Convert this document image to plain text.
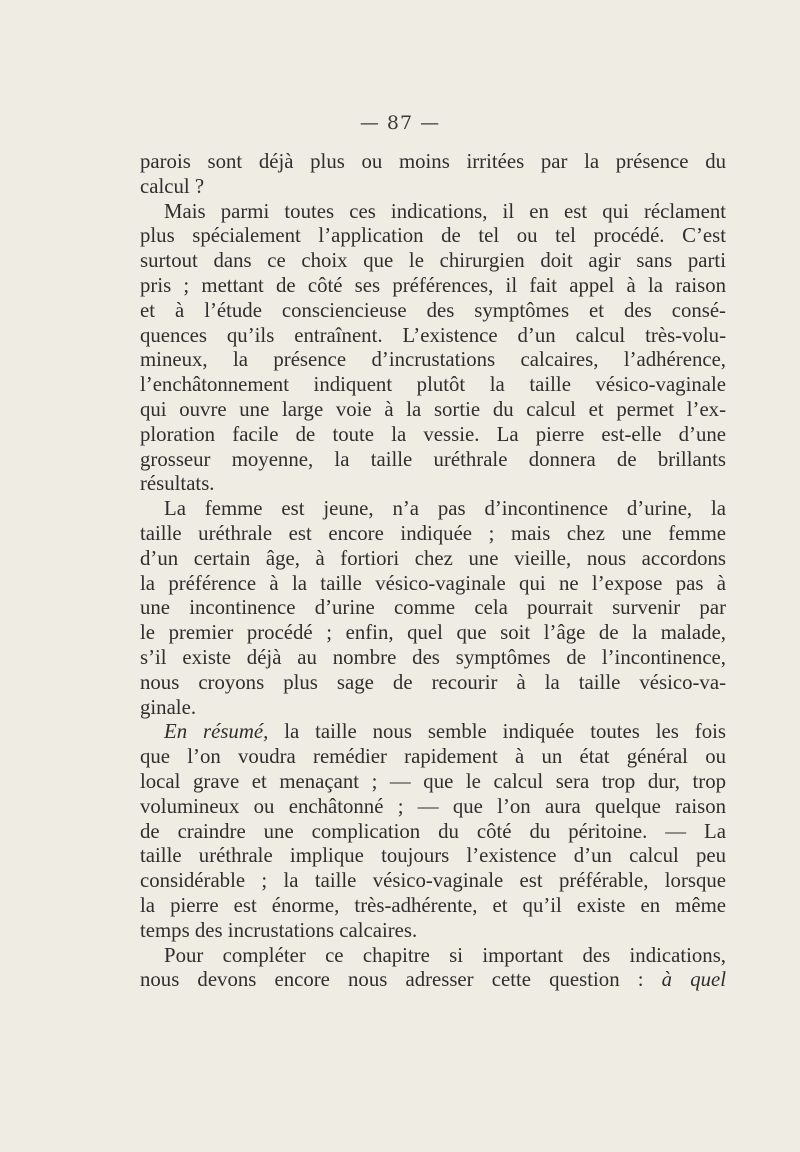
— 87 —
parois sont déjà plus ou moins irritées par la présence du
calcul ?
Mais parmi toutes ces indications, il en est qui réclament
plus spécialement l’application de tel ou tel procédé. C’est
surtout dans ce choix que le chirurgien doit agir sans parti
pris ; mettant de côté ses préférences, il fait appel à la raison
et à l’étude consciencieuse des symptômes et des consé-
quences qu’ils entraînent. L’existence d’un calcul très-volu-
mineux, la présence d’incrustations calcaires, l’adhérence,
l’enchâtonnement indiquent plutôt la taille vésico-vaginale
qui ouvre une large voie à la sortie du calcul et permet l’ex-
ploration facile de toute la vessie. La pierre est-elle d’une
grosseur moyenne, la taille uréthrale donnera de brillants
résultats.
La femme est jeune, n’a pas d’incontinence d’urine, la
taille uréthrale est encore indiquée ; mais chez une femme
d’un certain âge, à fortiori chez une vieille, nous accordons
la préférence à la taille vésico-vaginale qui ne l’expose pas à
une incontinence d’urine comme cela pourrait survenir par
le premier procédé ; enfin, quel que soit l’âge de la malade,
s’il existe déjà au nombre des symptômes de l’incontinence,
nous croyons plus sage de recourir à la taille vésico-va-
ginale.
En résumé, la taille nous semble indiquée toutes les fois
que l’on voudra remédier rapidement à un état général ou
local grave et menaçant ; — que le calcul sera trop dur, trop
volumineux ou enchâtonné ; — que l’on aura quelque raison
de craindre une complication du côté du péritoine. — La
taille uréthrale implique toujours l’existence d’un calcul peu
considérable ; la taille vésico-vaginale est préférable, lorsque
la pierre est énorme, très-adhérente, et qu’il existe en même
temps des incrustations calcaires.
Pour compléter ce chapitre si important des indications,
nous devons encore nous adresser cette question : à quel
